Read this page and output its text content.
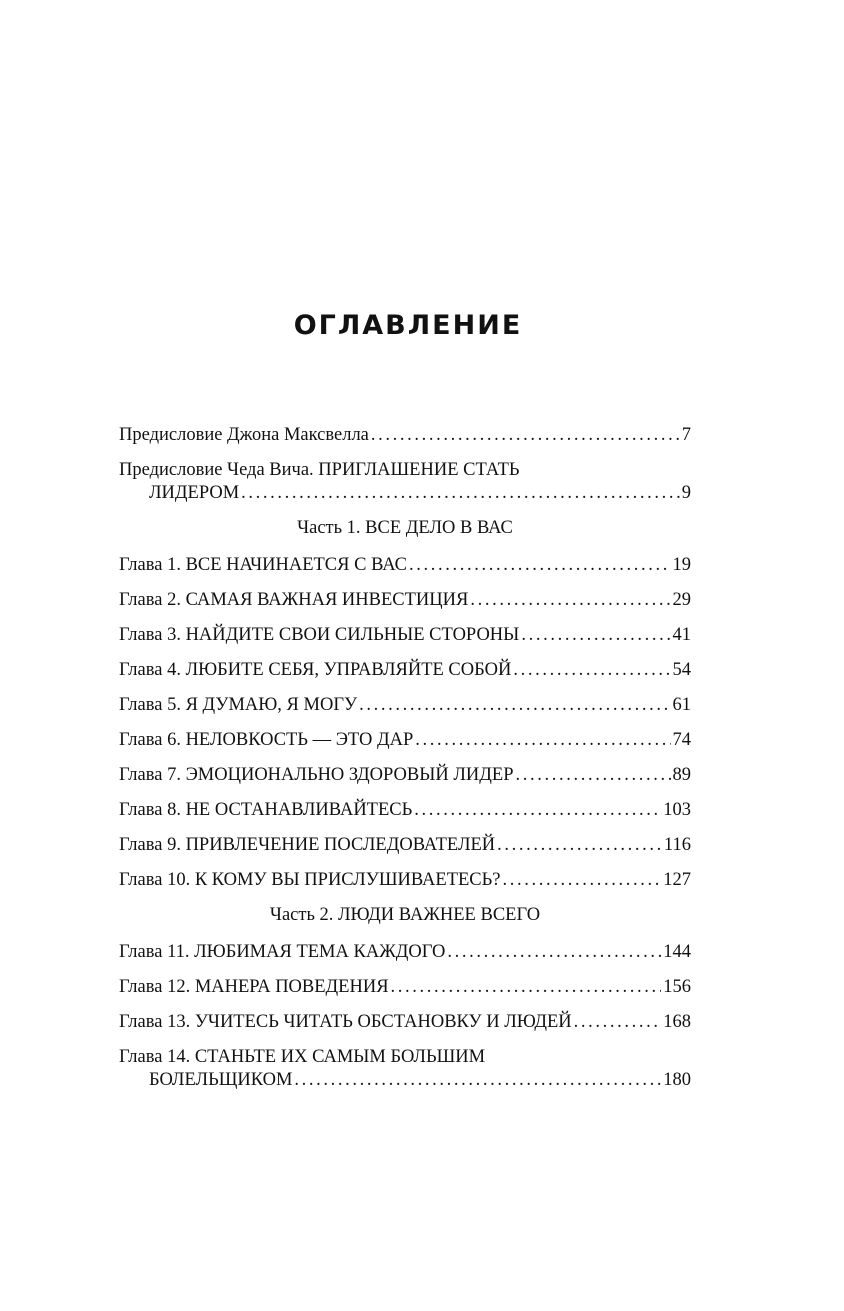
ОГЛАВЛЕНИЕ
Предисловие Джона Максвелла . . .	7
Предисловие Чеда Вича. ПРИГЛАШЕНИЕ СТАТЬ
ЛИДЕРОМ . . .	9
Часть 1. ВСЕ ДЕЛО В ВАС
Глава 1. ВСЕ НАЧИНАЕТСЯ С ВАС . . .	19
Глава 2. САМАЯ ВАЖНАЯ ИНВЕСТИЦИЯ . . .	29
Глава 3. НАЙДИТЕ СВОИ СИЛЬНЫЕ СТОРОНЫ . . .	41
Глава 4. ЛЮБИТЕ СЕБЯ, УПРАВЛЯЙТЕ СОБОЙ . . .	54
Глава 5. Я ДУМАЮ, Я МОГУ . . .	61
Глава 6. НЕЛОВКОСТЬ — ЭТО ДАР . . .	74
Глава 7. ЭМОЦИОНАЛЬНО ЗДОРОВЫЙ ЛИДЕР . . .	89
Глава 8. НЕ ОСТАНАВЛИВАЙТЕСЬ . . .	103
Глава 9. ПРИВЛЕЧЕНИЕ ПОСЛЕДОВАТЕЛЕЙ . . .	116
Глава 10. К КОМУ ВЫ ПРИСЛУШИВАЕТЕСЬ? . . .	127
Часть 2. ЛЮДИ ВАЖНЕЕ ВСЕГО
Глава 11. ЛЮБИМАЯ ТЕМА КАЖДОГО . . .	144
Глава 12. МАНЕРА ПОВЕДЕНИЯ . . .	156
Глава 13. УЧИТЕСЬ ЧИТАТЬ ОБСТАНОВКУ И ЛЮДЕЙ . . .	168
Глава 14. СТАНЬТЕ ИХ САМЫМ БОЛЬШИМ
БОЛЕЛЬЩИКОМ . . .	180
